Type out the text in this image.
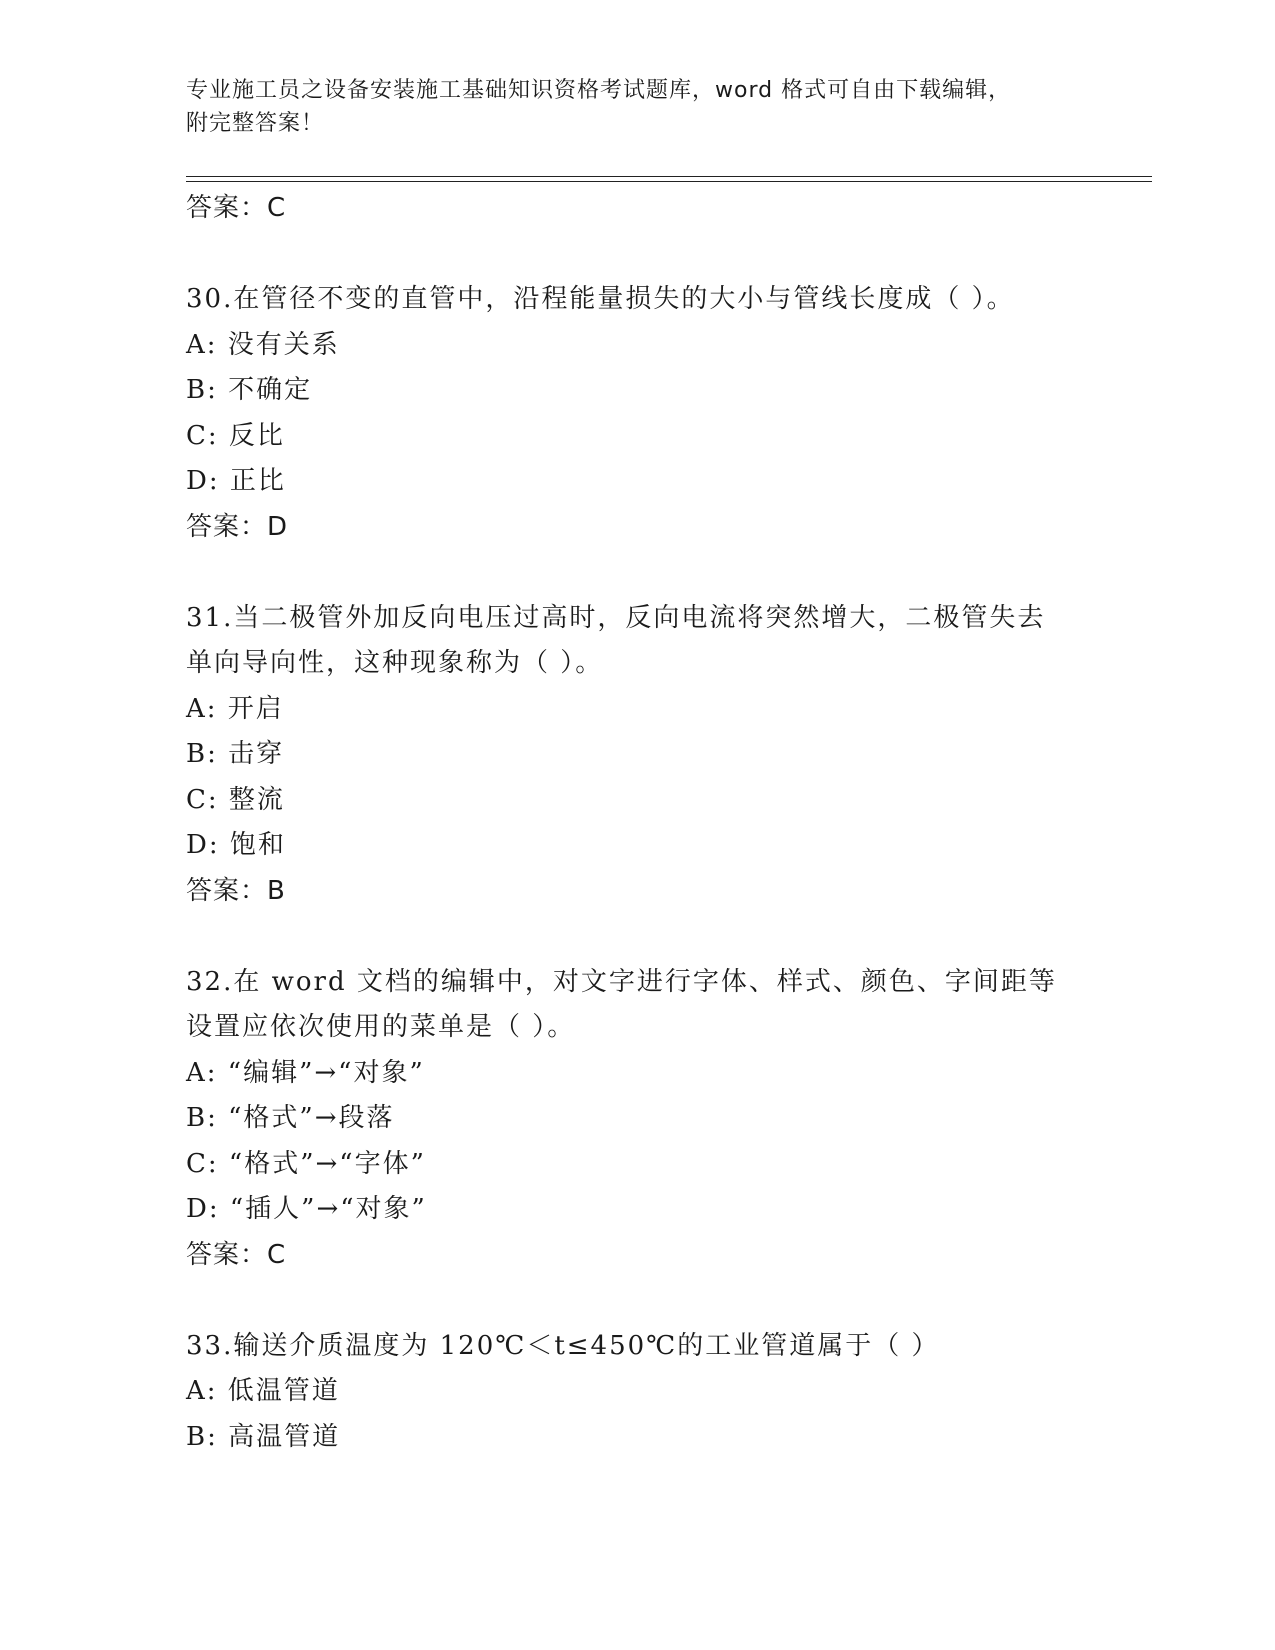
专业施工员之设备安装施工基础知识资格考试题库，word 格式可自由下载编辑，
附完整答案！
答案：C
30.在管径不变的直管中，沿程能量损失的大小与管线长度成（ ）。
A: 没有关系
B: 不确定
C: 反比
D: 正比
答案：D
31.当二极管外加反向电压过高时，反向电流将突然增大，二极管失去
单向导向性，这种现象称为（ ）。
A: 开启
B: 击穿
C: 整流
D: 饱和
答案：B
32.在 word 文档的编辑中，对文字进行字体、样式、颜色、字间距等
设置应依次使用的菜单是（ ）。
A: “编辑”→“对象”
B: “格式”→段落
C: “格式”→“字体”
D: “插人”→“对象”
答案：C
33.输送介质温度为 120℃＜t≤450℃的工业管道属于（ ）
A: 低温管道
B: 高温管道
